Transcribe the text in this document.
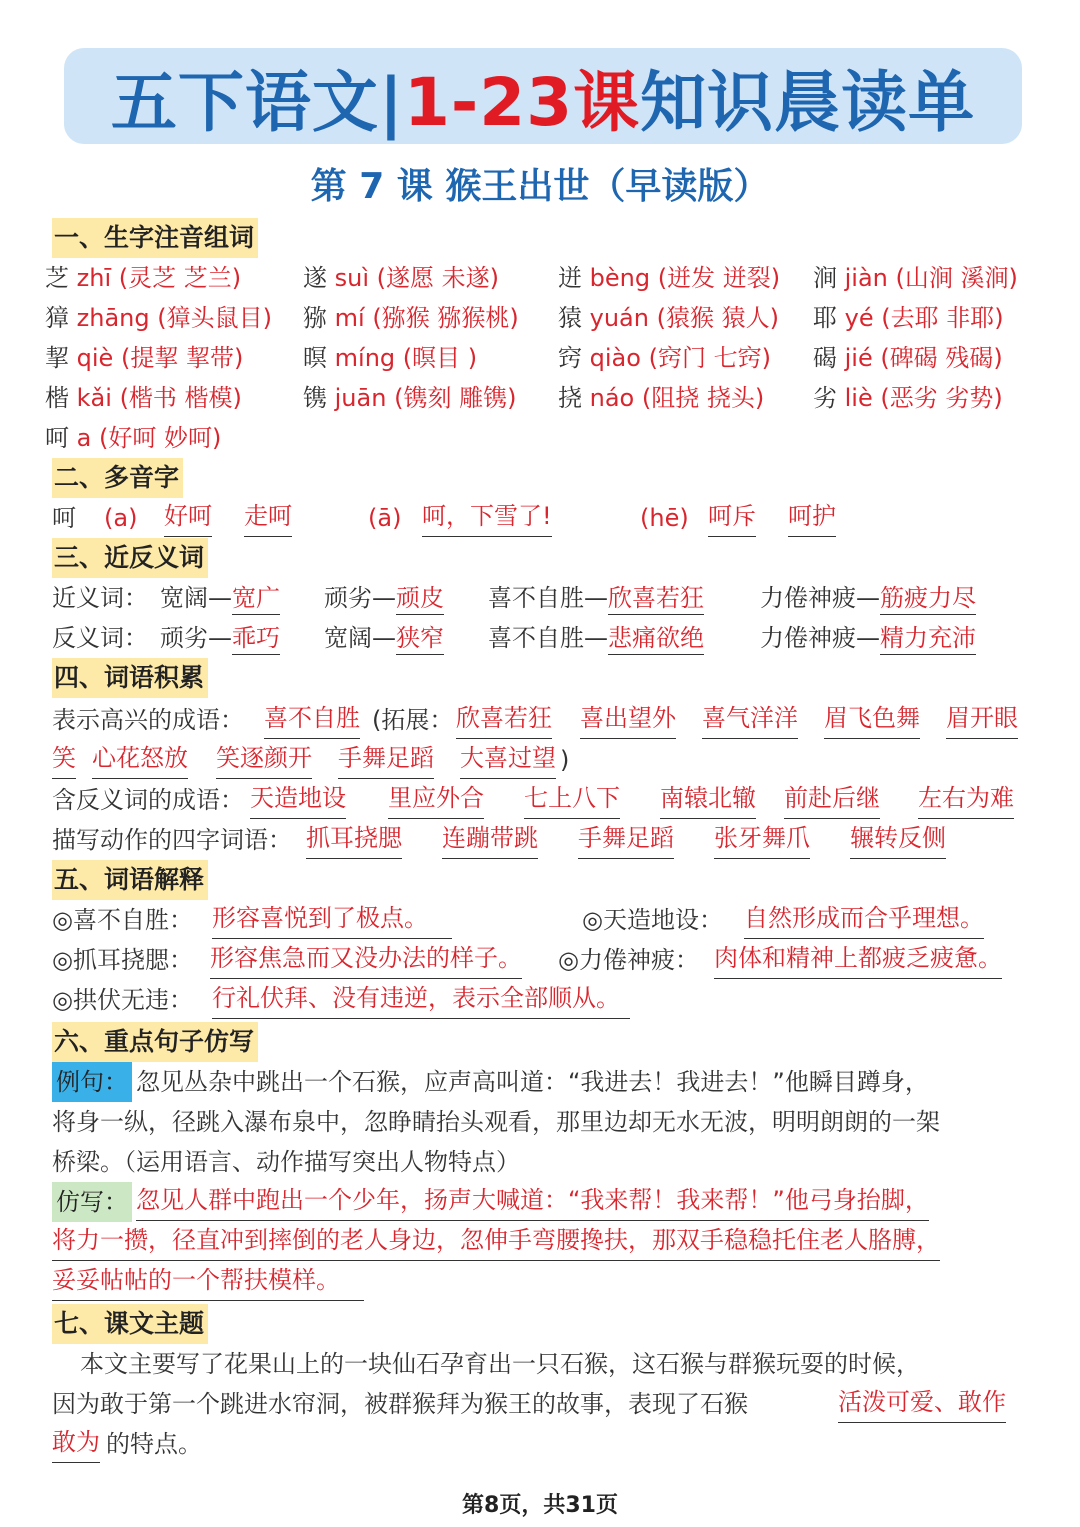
五下语文| 1-23课 知识晨读单
第 7 课 猴王出世（早读版）
一、生字注音组词
芝 zhī (灵芝 芝兰)	遂 suì (遂愿 未遂) 迸 bèng (迸发 迸裂) 涧 jiàn (山涧 溪涧)
獐 zhāng (獐头鼠目) 猕 mí (猕猴 猕猴桃) 猿 yuán (猿猴 猿人) 耶 yé (去耶 非耶)
挈 qiè (提挈 挈带) 暝 míng (暝目 )	窍 qiào (窍门 七窍) 碣 jié (碑碣 残碣)
楷 kǎi (楷书 楷模)	镌 juān (镌刻 雕镌) 挠 náo (阻挠 挠头) 劣 liè (恶劣 劣势)
呵 a (好呵 妙呵)
二、多音字
呵 (a) 好呵 走呵	(ā) 呵，下雪了!	(hē) 呵斥 呵护
三、近反义词
近义词： 宽阔—宽广 顽劣—顽皮 喜不自胜—欣喜若狂 力倦神疲—筋疲力尽
反义词： 顽劣—乖巧 宽阔—狭窄 喜不自胜—悲痛欲绝 力倦神疲—精力充沛
四、词语积累
表示高兴的成语： 喜不自胜 (拓展： 欣喜若狂 喜出望外 喜气洋洋 眉飞色舞 眉开眼
笑 心花怒放 笑逐颜开 手舞足蹈 大喜过望 )
含反义词的成语： 天造地设 里应外合 七上八下 南辕北辙 前赴后继 左右为难
描写动作的四字词语： 抓耳挠腮 连蹦带跳 手舞足蹈 张牙舞爪 辗转反侧
五、词语解释
◎喜不自胜： 形容喜悦到了极点。	◎天造地设： 自然形成而合乎理想。
◎抓耳挠腮： 形容焦急而又没办法的样子。 ◎力倦神疲： 肉体和精神上都疲乏疲惫。
◎拱伏无违： 行礼伏拜、没有违逆，表示全部顺从。
六、重点句子仿写
例句： 忽见丛杂中跳出一个石猴，应声高叫道：“我进去！我进去！”他瞬目蹲身，
将身一纵，径跳入瀑布泉中，忽睁睛抬头观看，那里边却无水无波，明明朗朗的一架
桥梁。（运用语言、动作描写突出人物特点）
仿写： 忽见人群中跑出一个少年，扬声大喊道：“我来帮！我来帮！”他弓身抬脚，
将力一攒，径直冲到摔倒的老人身边，忽伸手弯腰搀扶，那双手稳稳托住老人胳膊，
妥妥帖帖的一个帮扶模样。
七、课文主题
本文主要写了花果山上的一块仙石孕育出一只石猴，这石猴与群猴玩耍的时候，
因为敢于第一个跳进水帘洞，被群猴拜为猴王的故事，表现了石猴	活泼可爱、敢作
敢为 的特点。
第8页，共31页
